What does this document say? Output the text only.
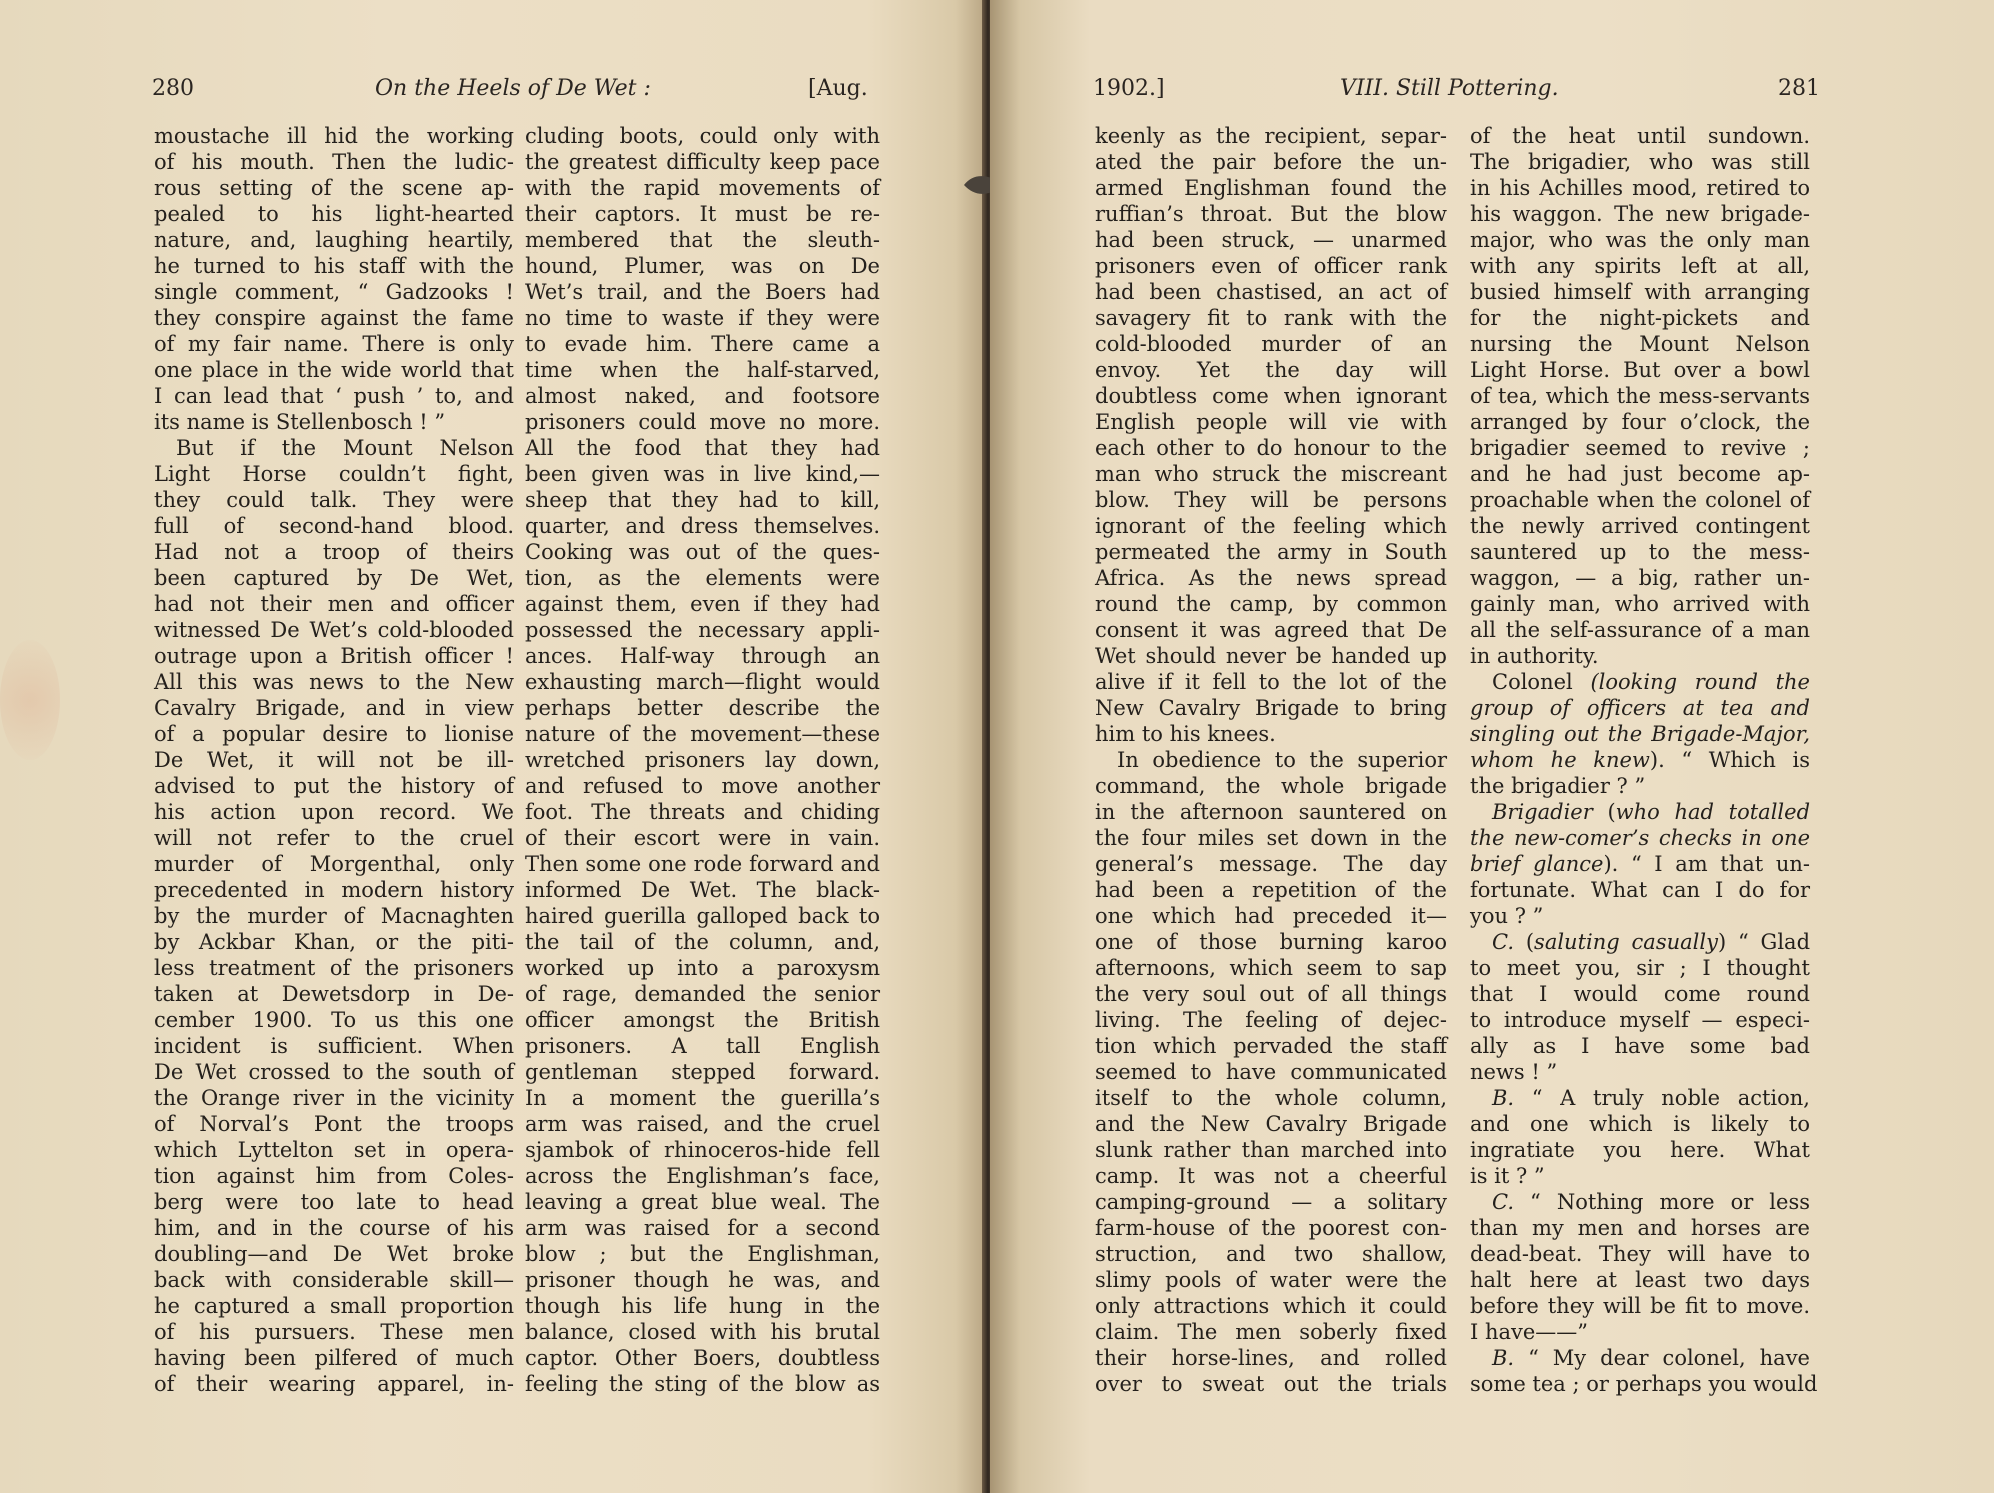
280	On the Heels of De Wet :	[Aug.
moustache ill hid the working
of his mouth. Then the ludic-
rous setting of the scene ap-
pealed to his light-hearted
nature, and, laughing heartily,
he turned to his staff with the
single comment, “ Gadzooks !
they conspire against the fame
of my fair name. There is only
one place in the wide world that
I can lead that ‘ push ’ to, and
its name is Stellenbosch ! ”
But if the Mount Nelson
Light Horse couldn’t fight,
they could talk. They were
full of second-hand blood.
Had not a troop of theirs
been captured by De Wet,
had not their men and officer
witnessed De Wet’s cold-blooded
outrage upon a British officer !
All this was news to the New
Cavalry Brigade, and in view
of a popular desire to lionise
De Wet, it will not be ill-
advised to put the history of
his action upon record. We
will not refer to the cruel
murder of Morgenthal, only
precedented in modern history
by the murder of Macnaghten
by Ackbar Khan, or the piti-
less treatment of the prisoners
taken at Dewetsdorp in De-
cember 1900. To us this one
incident is sufficient. When
De Wet crossed to the south of
the Orange river in the vicinity
of Norval’s Pont the troops
which Lyttelton set in opera-
tion against him from Coles-
berg were too late to head
him, and in the course of his
doubling—and De Wet broke
back with considerable skill—
he captured a small proportion
of his pursuers. These men
having been pilfered of much
of their wearing apparel, in-
cluding boots, could only with
the greatest difficulty keep pace
with the rapid movements of
their captors. It must be re-
membered that the sleuth-
hound, Plumer, was on De
Wet’s trail, and the Boers had
no time to waste if they were
to evade him. There came a
time when the half-starved,
almost naked, and footsore
prisoners could move no more.
All the food that they had
been given was in live kind,—
sheep that they had to kill,
quarter, and dress themselves.
Cooking was out of the ques-
tion, as the elements were
against them, even if they had
possessed the necessary appli-
ances. Half-way through an
exhausting march—flight would
perhaps better describe the
nature of the movement—these
wretched prisoners lay down,
and refused to move another
foot. The threats and chiding
of their escort were in vain.
Then some one rode forward and
informed De Wet. The black-
haired guerilla galloped back to
the tail of the column, and,
worked up into a paroxysm
of rage, demanded the senior
officer amongst the British
prisoners. A tall English
gentleman stepped forward.
In a moment the guerilla’s
arm was raised, and the cruel
sjambok of rhinoceros-hide fell
across the Englishman’s face,
leaving a great blue weal. The
arm was raised for a second
blow ; but the Englishman,
prisoner though he was, and
though his life hung in the
balance, closed with his brutal
captor. Other Boers, doubtless
feeling the sting of the blow as
1902.]	VIII. Still Pottering.	281
keenly as the recipient, separ-
ated the pair before the un-
armed Englishman found the
ruffian’s throat. But the blow
had been struck, — unarmed
prisoners even of officer rank
had been chastised, an act of
savagery fit to rank with the
cold-blooded murder of an
envoy. Yet the day will
doubtless come when ignorant
English people will vie with
each other to do honour to the
man who struck the miscreant
blow. They will be persons
ignorant of the feeling which
permeated the army in South
Africa. As the news spread
round the camp, by common
consent it was agreed that De
Wet should never be handed up
alive if it fell to the lot of the
New Cavalry Brigade to bring
him to his knees.
In obedience to the superior
command, the whole brigade
in the afternoon sauntered on
the four miles set down in the
general’s message. The day
had been a repetition of the
one which had preceded it—
one of those burning karoo
afternoons, which seem to sap
the very soul out of all things
living. The feeling of dejec-
tion which pervaded the staff
seemed to have communicated
itself to the whole column,
and the New Cavalry Brigade
slunk rather than marched into
camp. It was not a cheerful
camping-ground — a solitary
farm-house of the poorest con-
struction, and two shallow,
slimy pools of water were the
only attractions which it could
claim. The men soberly fixed
their horse-lines, and rolled
over to sweat out the trials
of the heat until sundown.
The brigadier, who was still
in his Achilles mood, retired to
his waggon. The new brigade-
major, who was the only man
with any spirits left at all,
busied himself with arranging
for the night-pickets and
nursing the Mount Nelson
Light Horse. But over a bowl
of tea, which the mess-servants
arranged by four o’clock, the
brigadier seemed to revive ;
and he had just become ap-
proachable when the colonel of
the newly arrived contingent
sauntered up to the mess-
waggon, — a big, rather un-
gainly man, who arrived with
all the self-assurance of a man
in authority.
Colonel (looking round the
group of officers at tea and
singling out the Brigade-Major,
whom he knew). “ Which is
the brigadier ? ”
Brigadier (who had totalled
the new-comer’s checks in one
brief glance). “ I am that un-
fortunate. What can I do for
you ? ”
C. (saluting casually) “ Glad
to meet you, sir ; I thought
that I would come round
to introduce myself — especi-
ally as I have some bad
news ! ”
B. “ A truly noble action,
and one which is likely to
ingratiate you here. What
is it ? ”
C. “ Nothing more or less
than my men and horses are
dead-beat. They will have to
halt here at least two days
before they will be fit to move.
I have——”
B. “ My dear colonel, have
some tea ; or perhaps you would
